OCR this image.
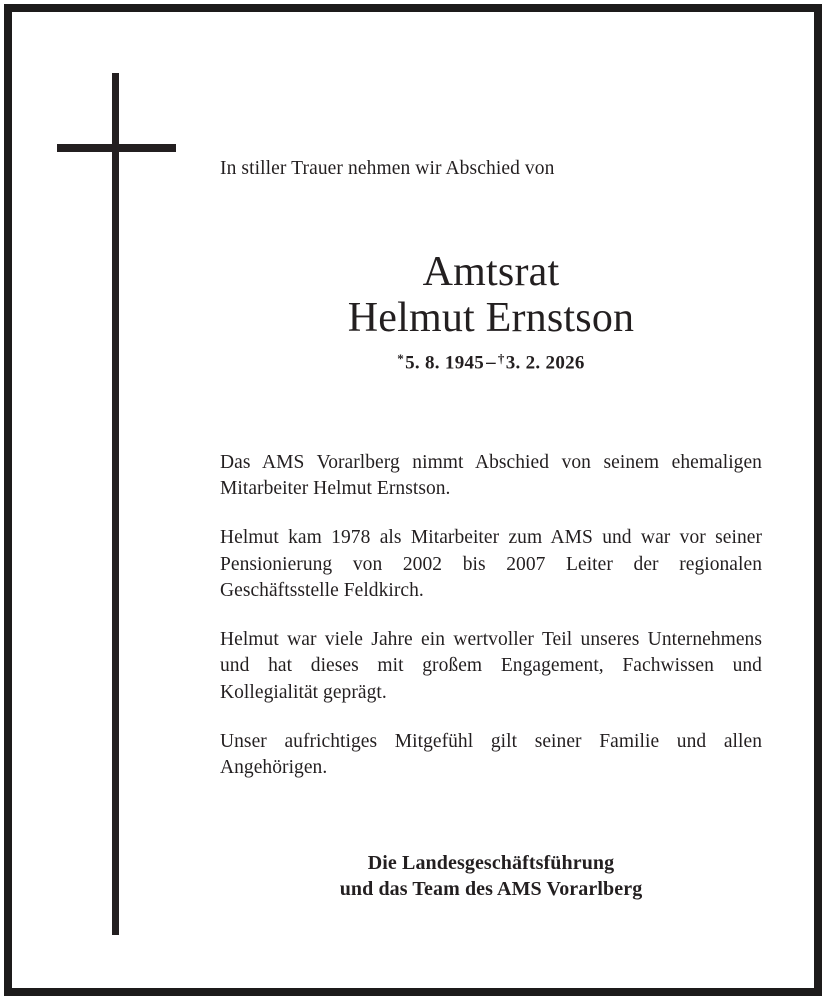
In stiller Trauer nehmen wir Abschied von
Amtsrat
Helmut Ernstson
*5. 8. 1945 – †3. 2. 2026

Das AMS Vorarlberg nimmt Abschied von seinem ehemaligen Mitarbeiter Helmut Ernstson.

Helmut kam 1978 als Mitarbeiter zum AMS und war vor seiner Pensionierung von 2002 bis 2007 Leiter der regionalen Geschäftsstelle Feldkirch.

Helmut war viele Jahre ein wertvoller Teil unseres Unternehmens und hat dieses mit großem Engagement, Fachwissen und Kollegialität geprägt.

Unser aufrichtiges Mitgefühl gilt seiner Familie und allen Angehörigen.

Die Landesgeschäftsführung
und das Team des AMS Vorarlberg
